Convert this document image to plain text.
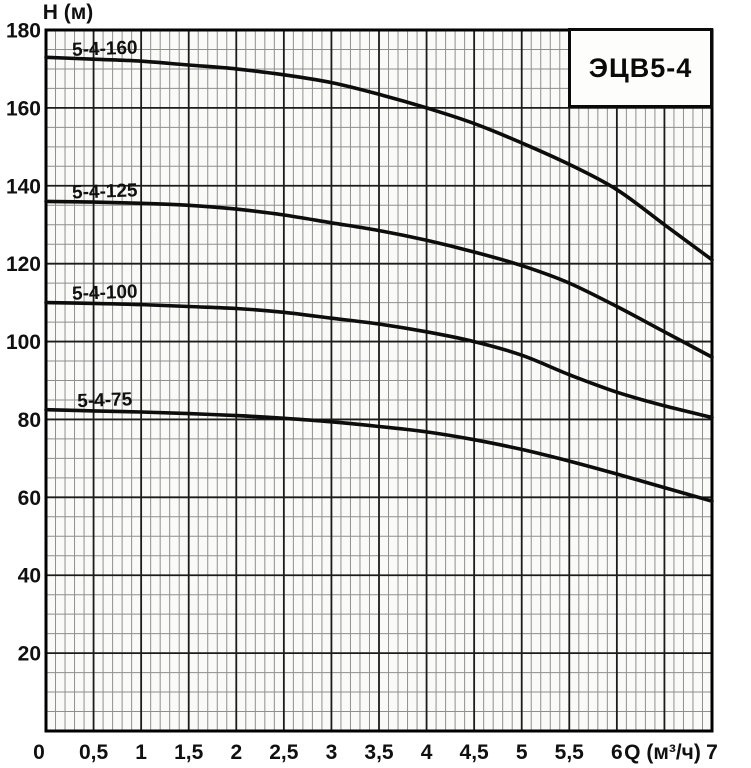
5-4-160
5-4-125
5-4-100
5-4-75
180
160
140
120
100
80
60
40
20
H (м)
0 0,5 1 1,5 2 2,5 3 3,5 4 4,5 5 5,5 6	7
Q (м³/ч)
ЭЦВ5-4
